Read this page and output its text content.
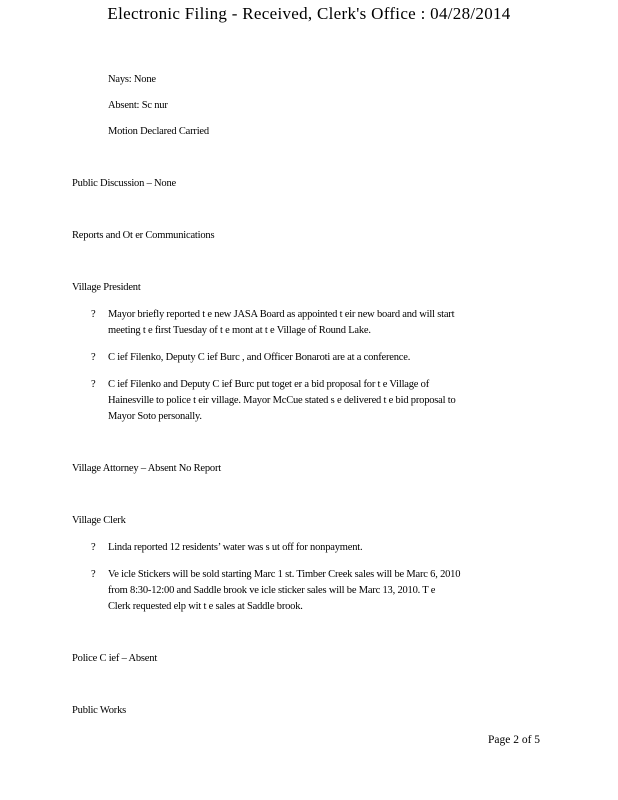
Electronic Filing - Received, Clerk's Office : 04/28/2014
Nays: None
Absent: Sc nur
Motion Declared Carried
Public Discussion – None
Reports and Ot er Communications
Village President
? Mayor briefly reported t e new JASA Board as appointed t eir new board and will start
meeting t e first Tuesday of t e mont at t e Village of Round Lake.
? C ief Filenko, Deputy C ief Burc , and Officer Bonaroti are at a conference.
? C ief Filenko and Deputy C ief Burc put toget er a bid proposal for t e Village of
Hainesville to police t eir village. Mayor McCue stated s e delivered t e bid proposal to
Mayor Soto personally.
Village Attorney – Absent No Report
Village Clerk
? Linda reported 12 residents’ water was s ut off for nonpayment.
? Ve icle Stickers will be sold starting Marc 1 st. Timber Creek sales will be Marc 6, 2010
from 8:30-12:00 and Saddle brook ve icle sticker sales will be Marc 13, 2010. T e
Clerk requested elp wit t e sales at Saddle brook.
Police C ief – Absent
Public Works
Page 2 of 5
